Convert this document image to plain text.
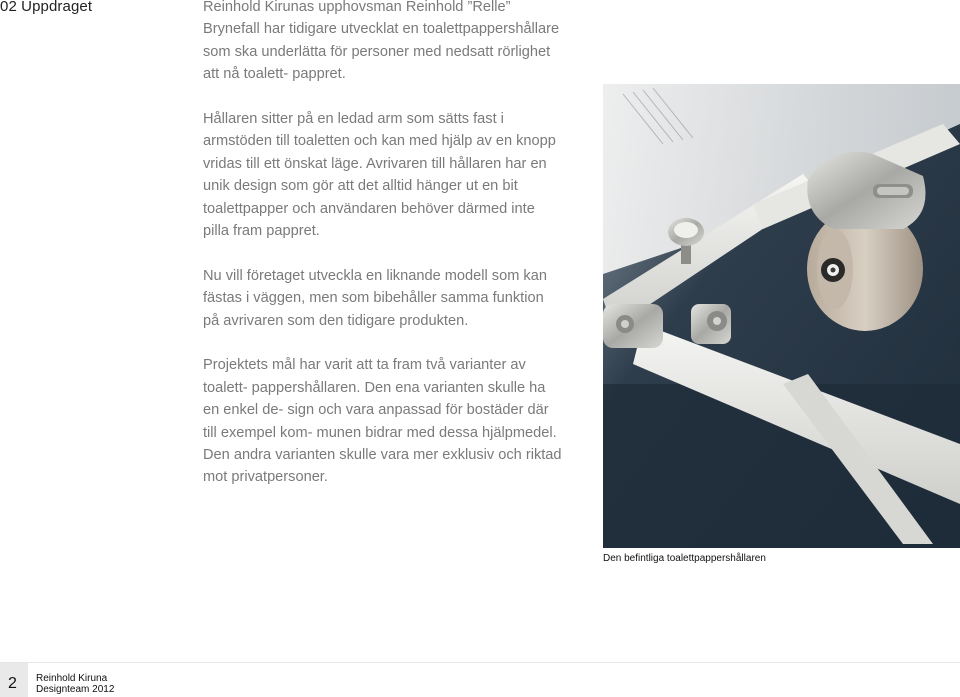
02 Uppdraget	Reinhold Kirunas upphovsman Reinhold ”Relle” Brynefall har tidigare utvecklat en toalettpappershållare som ska underlätta för personer med nedsatt rörlighet att nå toalett- pappret.

Hållaren sitter på en ledad arm som sätts fast i armstöden till toaletten och kan med hjälp av en knopp vridas till ett önskat läge. Avrivaren till hållaren har en unik design som gör att det alltid hänger ut en bit toalettpapper och användaren behöver därmed inte pilla fram pappret.

Nu vill företaget utveckla en liknande modell som kan fästas i väggen, men som bibehåller samma funktion på avrivaren som den tidigare produkten.

Projektets mål har varit att ta fram två varianter av toalett- pappershållaren. Den ena varianten skulle ha en enkel de- sign och vara anpassad för bostäder där till exempel kom- munen bidrar med dessa hjälpmedel. Den andra varianten skulle vara mer exklusiv och riktad mot privatpersoner.

Den befintliga toalettpappershållaren
2 Reinhold Kiruna
Designteam 2012
